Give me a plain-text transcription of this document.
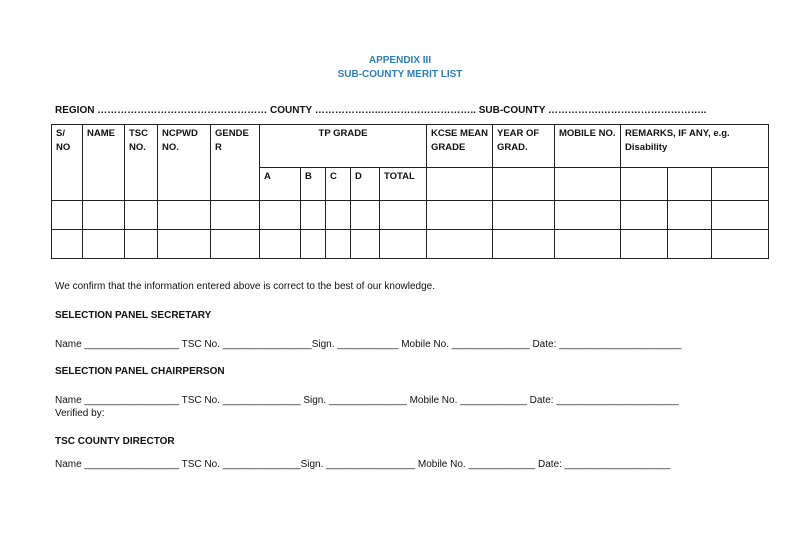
APPENDIX III
SUB-COUNTY MERIT LIST
REGION …………………………………………… COUNTY ………………..……………………….. SUB-COUNTY …………….…………………………..
S/ NO	NAME	TSC NO.	NCPWD NO.	GENDE R	TP GRADE					KCSE MEAN GRADE	YEAR OF GRAD.	MOBILE NO.	REMARKS, IF ANY, e.g. Disability		
					A	B	C	D	TOTAL						

We confirm that the information entered above is correct to the best of our knowledge.
SELECTION PANEL SECRETARY
Name _________________ TSC No. ________________Sign. ___________ Mobile No. ______________ Date: ______________________
SELECTION PANEL CHAIRPERSON
Name _________________ TSC No. ______________ Sign. ______________ Mobile No. ____________ Date: ______________________
Verified by:
TSC COUNTY DIRECTOR
Name _________________ TSC No. ______________Sign. ________________ Mobile No. ____________ Date: ___________________
